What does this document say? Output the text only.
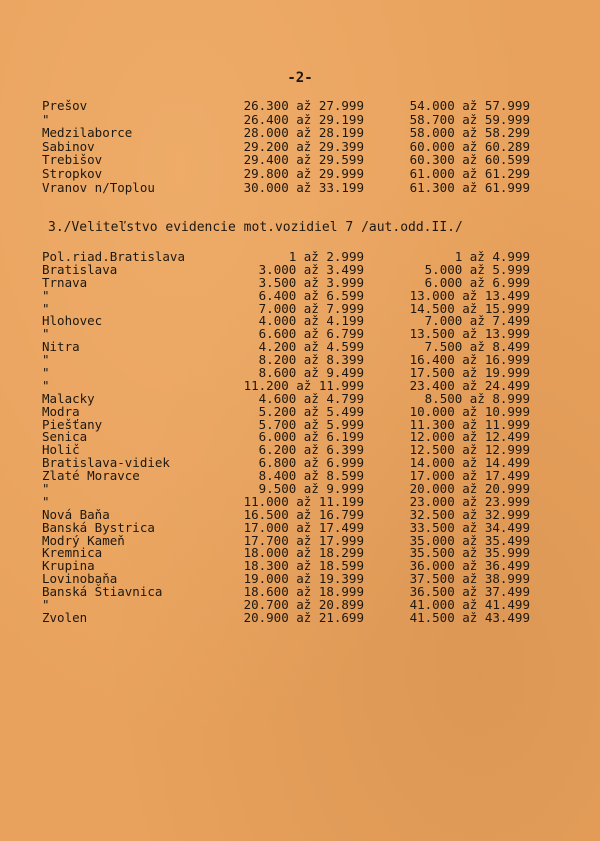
-2-
Prešov	26.300 až 27.999	54.000 až 57.999
"	26.400 až 29.199	58.700 až 59.999
Medzilaborce	28.000 až 28.199	58.000 až 58.299
Sabinov	29.200 až 29.399	60.000 až 60.289
Trebišov	29.400 až 29.599	60.300 až 60.599
Stropkov	29.800 až 29.999	61.000 až 61.299
Vranov n/Toplou	30.000 až 33.199	61.300 až 61.999
3./Veliteľstvo evidencie mot.vozidiel 7 /aut.odd.II./
Pol.riad.Bratislava	1 až 2.999	1 až 4.999
Bratislava	3.000 až 3.499	5.000 až 5.999
Trnava	3.500 až 3.999	6.000 až 6.999
"	6.400 až 6.599	13.000 až 13.499
"	7.000 až 7.999	14.500 až 15.999
Hlohovec	4.000 až 4.199	7.000 až 7.499
"	6.600 až 6.799	13.500 až 13.999
Nitra	4.200 až 4.599	7.500 až 8.499
"	8.200 až 8.399	16.400 až 16.999
"	8.600 až 9.499	17.500 až 19.999
"	11.200 až 11.999	23.400 až 24.499
Malacky	4.600 až 4.799	8.500 až 8.999
Modra	5.200 až 5.499	10.000 až 10.999
Piešťany	5.700 až 5.999	11.300 až 11.999
Senica	6.000 až 6.199	12.000 až 12.499
Holič	6.200 až 6.399	12.500 až 12.999
Bratislava-vidiek	6.800 až 6.999	14.000 až 14.499
Zlaté Moravce	8.400 až 8.599	17.000 až 17.499
"	9.500 až 9.999	20.000 až 20.999
"	11.000 až 11.199	23.000 až 23.999
Nová Baňa	16.500 až 16.799	32.500 až 32.999
Banská Bystrica	17.000 až 17.499	33.500 až 34.499
Modrý Kameň	17.700 až 17.999	35.000 až 35.499
Kremnica	18.000 až 18.299	35.500 až 35.999
Krupina	18.300 až 18.599	36.000 až 36.499
Lovinobaňa	19.000 až 19.399	37.500 až 38.999
Banská Štiavnica	18.600 až 18.999	36.500 až 37.499
"	20.700 až 20.899	41.000 až 41.499
Zvolen	20.900 až 21.699	41.500 až 43.499
